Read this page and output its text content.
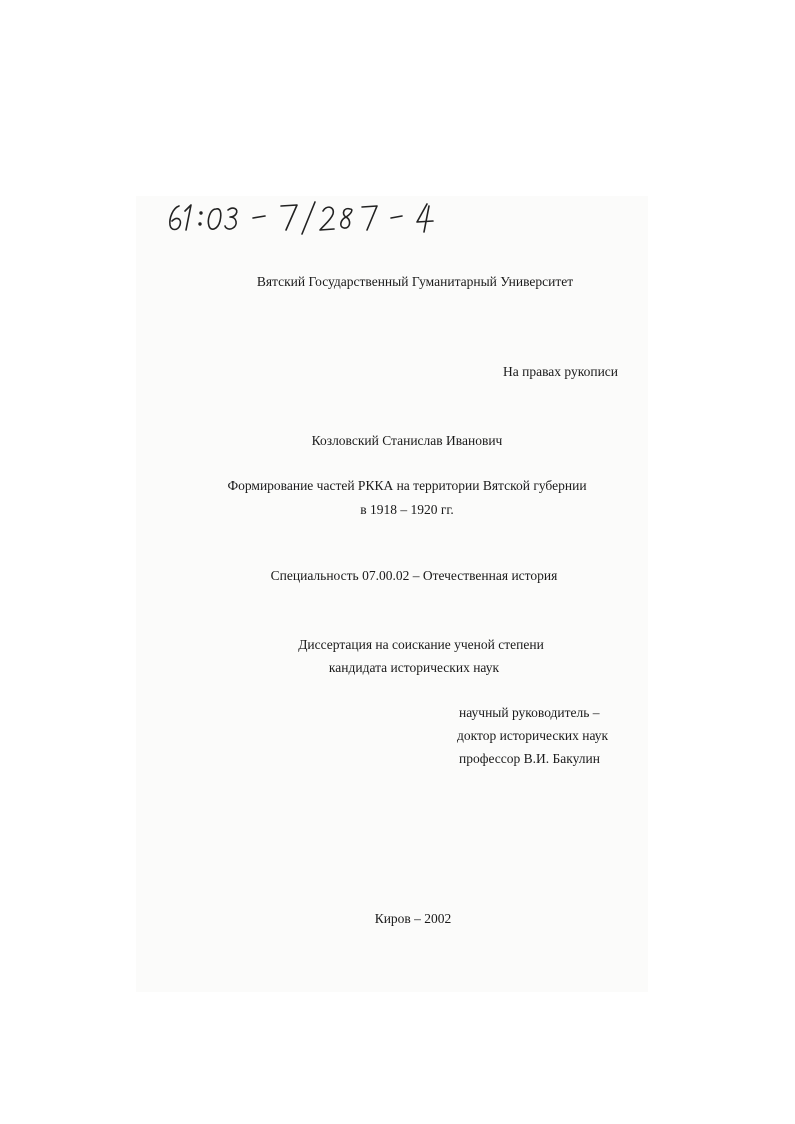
Вятский Государственный Гуманитарный Университет
На правах рукописи
Козловский Станислав Иванович
Формирование частей РККА на территории Вятской губернии
в 1918 – 1920 гг.
Специальность 07.00.02 – Отечественная история
Диссертация на соискание ученой степени
кандидата исторических наук
научный руководитель –
доктор исторических наук
профессор В.И. Бакулин
Киров – 2002
